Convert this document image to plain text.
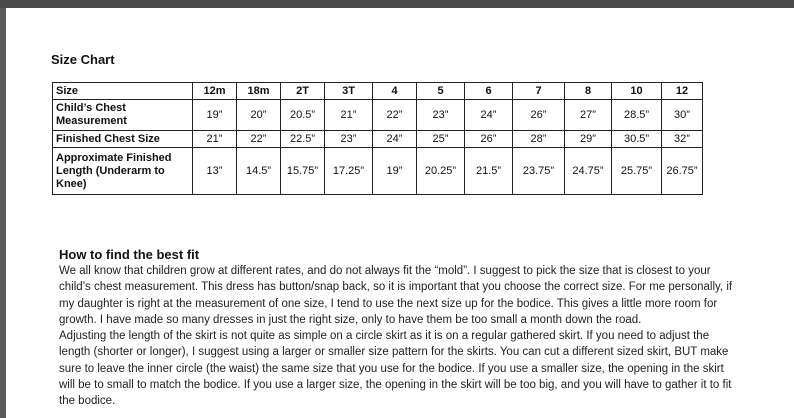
Size Chart
Size	12m	18m	2T	3T	4	5	6	7	8	10	12
Child’s Chest Measurement	19”	20”	20.5”	21”	22”	23”	24”	26”	27”	28.5”	30”
Finished Chest Size	21”	22”	22.5”	23”	24”	25”	26”	28”	29”	30.5”	32”
Approximate Finished Length (Underarm to Knee)	13”	14.5”	15.75”	17.25”	19”	20.25”	21.5”	23.75”	24.75”	25.75”	26.75”
How to find the best fit

We all know that children grow at different rates, and do not always fit the “mold”. I suggest to pick the size that is closest to your child’s chest measurement. This dress has button/snap back, so it is important that you choose the correct size. For me personally, if my daughter is right at the measurement of one size, I tend to use the next size up for the bodice. This gives a little more room for growth. I have made so many dresses in just the right size, only to have them be too small a month down the road.

Adjusting the length of the skirt is not quite as simple on a circle skirt as it is on a regular gathered skirt. If you need to adjust the length (shorter or longer), I suggest using a larger or smaller size pattern for the skirts. You can cut a different sized skirt, BUT make sure to leave the inner circle (the waist) the same size that you use for the bodice. If you use a smaller size, the opening in the skirt will be to small to match the bodice. If you use a larger size, the opening in the skirt will be too big, and you will have to gather it to fit the bodice.
